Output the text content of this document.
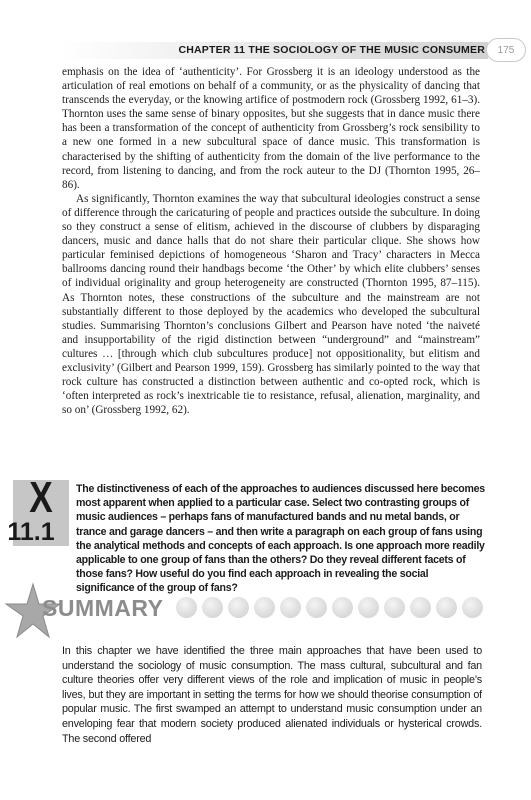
CHAPTER 11 THE SOCIOLOGY OF THE MUSIC CONSUMER	175

emphasis on the idea of ‘authenticity’. For Grossberg it is an ideology understood as the articulation of real emotions on behalf of a community, or as the physicality of dancing that transcends the everyday, or the knowing artifice of postmodern rock (Grossberg 1992, 61–3). Thornton uses the same sense of binary opposites, but she suggests that in dance music there has been a transformation of the concept of authenticity from Grossberg’s rock sensibility to a new one formed in a new subcultural space of dance music. This transformation is characterised by the shifting of authenticity from the domain of the live performance to the record, from listening to dancing, and from the rock auteur to the DJ (Thornton 1995, 26–86).

As significantly, Thornton examines the way that subcultural ideologies construct a sense of difference through the caricaturing of people and practices outside the subculture. In doing so they construct a sense of elitism, achieved in the discourse of clubbers by disparaging dancers, music and dance halls that do not share their particular clique. She shows how particular feminised depictions of homogeneous ‘Sharon and Tracy’ characters in Mecca ballrooms dancing round their handbags become ‘the Other’ by which elite clubbers’ senses of individual originality and group heterogeneity are constructed (Thornton 1995, 87–115). As Thornton notes, these constructions of the subculture and the mainstream are not substantially different to those deployed by the academics who developed the subcultural studies. Summarising Thornton’s conclusions Gilbert and Pearson have noted ‘the naiveté and insupportability of the rigid distinction between “underground” and “mainstream” cultures … [through which club subcultures produce] not oppositionality, but elitism and exclusivity’ (Gilbert and Pearson 1999, 159). Grossberg has similarly pointed to the way that rock culture has constructed a distinction between authentic and co-opted rock, which is ‘often interpreted as rock’s inextricable tie to resistance, refusal, alienation, marginality, and so on’ (Grossberg 1992, 62).

X
11.1
The distinctiveness of each of the approaches to audiences discussed here becomes most apparent when applied to a particular case. Select two contrasting groups of music audiences – perhaps fans of manufactured bands and nu metal bands, or trance and garage dancers – and then write a paragraph on each group of fans using the analytical methods and concepts of each approach. Is one approach more readily applicable to one group of fans than the others? Do they reveal different facets of those fans? How useful do you find each approach in revealing the social significance of the group of fans?
SUMMARY
In this chapter we have identified the three main approaches that have been used to understand the sociology of music consumption. The mass cultural, subcultural and fan culture theories offer very different views of the role and implication of music in people’s lives, but they are important in setting the terms for how we should theorise consumption of popular music. The first swamped an attempt to understand music consumption under an enveloping fear that modern society produced alienated individuals or hysterical crowds. The second offered
